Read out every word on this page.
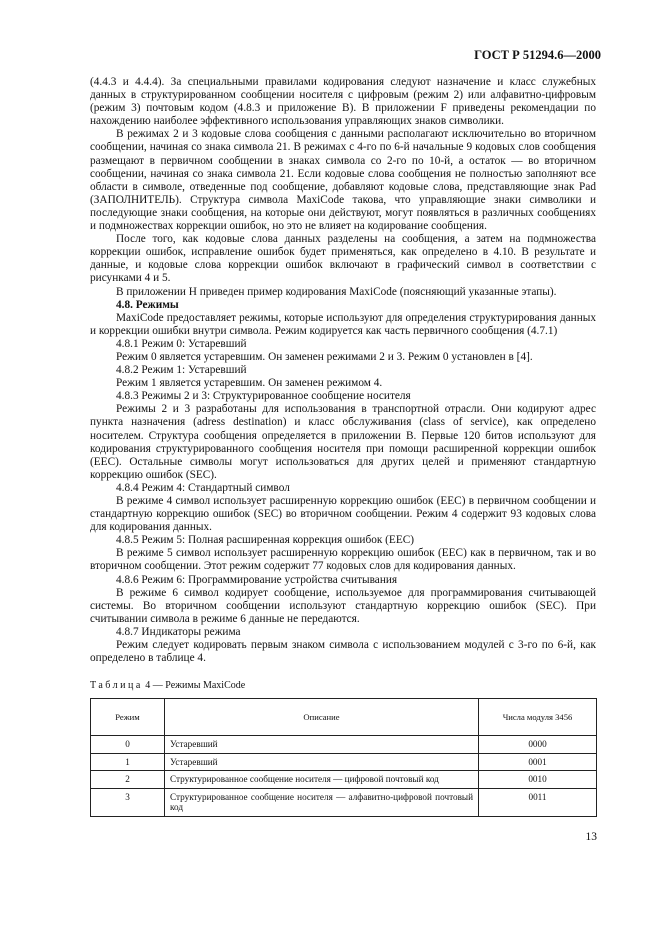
ГОСТ Р 51294.6—2000

(4.4.3 и 4.4.4). За специальными правилами кодирования следуют назначение и класс служебных данных в структурированном сообщении носителя с цифровым (режим 2) или алфавитно-цифровым (режим 3) почтовым кодом (4.8.3 и приложение В). В приложении F приведены рекомендации по нахождению наиболее эффективного использования управляющих знаков символики.

В режимах 2 и 3 кодовые слова сообщения с данными располагают исключительно во вторичном сообщении, начиная со знака символа 21. В режимах с 4-го по 6-й начальные 9 кодовых слов сообщения размещают в первичном сообщении в знаках символа со 2-го по 10-й, а остаток — во вторичном сообщении, начиная со знака символа 21. Если кодовые слова сообщения не полностью заполняют все области в символе, отведенные под сообщение, добавляют кодовые слова, представляющие знак Pad (ЗАПОЛНИТЕЛЬ). Структура символа MaxiCode такова, что управляющие знаки символики и последующие знаки сообщения, на которые они действуют, могут появляться в различных сообщениях и подмножествах коррекции ошибок, но это не влияет на кодирование сообщения.

После того, как кодовые слова данных разделены на сообщения, а затем на подмножества коррекции ошибок, исправление ошибок будет применяться, как определено в 4.10. В результате и данные, и кодовые слова коррекции ошибок включают в графический символ в соответствии с рисунками 4 и 5.

В приложении H приведен пример кодирования MaxiCode (поясняющий указанные этапы).

4.8. Режимы

MaxiCode предоставляет режимы, которые используют для определения структурирования данных и коррекции ошибки внутри символа. Режим кодируется как часть первичного сообщения (4.7.1)

4.8.1 Режим 0: Устаревший

Режим 0 является устаревшим. Он заменен режимами 2 и 3. Режим 0 установлен в [4].

4.8.2 Режим 1: Устаревший

Режим 1 является устаревшим. Он заменен режимом 4.

4.8.3 Режимы 2 и 3: Структурированное сообщение носителя

Режимы 2 и 3 разработаны для использования в транспортной отрасли. Они кодируют адрес пункта назначения (adress destination) и класс обслуживания (class of service), как определено носителем. Структура сообщения определяется в приложении В. Первые 120 битов используют для кодирования структурированного сообщения носителя при помощи расширенной коррекции ошибок (EEC). Остальные символы могут использоваться для других целей и применяют стандартную коррекцию ошибок (SEC).

4.8.4 Режим 4: Стандартный символ

В режиме 4 символ использует расширенную коррекцию ошибок (EEC) в первичном сообщении и стандартную коррекцию ошибок (SEC) во вторичном сообщении. Режим 4 содержит 93 кодовых слова для кодирования данных.

4.8.5 Режим 5: Полная расширенная коррекция ошибок (EEC)

В режиме 5 символ использует расширенную коррекцию ошибок (EEC) как в первичном, так и во вторичном сообщении. Этот режим содержит 77 кодовых слов для кодирования данных.

4.8.6 Режим 6: Программирование устройства считывания

В режиме 6 символ кодирует сообщение, используемое для программирования считывающей системы. Во вторичном сообщении используют стандартную коррекцию ошибок (SEC). При считывании символа в режиме 6 данные не передаются.

4.8.7 Индикаторы режима

Режим следует кодировать первым знаком символа с использованием модулей с 3-го по 6-й, как определено в таблице 4.

Таблица 4 — Режимы MaxiCode
Режим	Описание	Числа модуля 3456
0	Устаревший	0000
1	Устаревший	0001
2	Структурированное сообщение носителя — цифровой почтовый код	0010
3	Структурированное сообщение носителя — алфавитно-цифровой почтовый код	0011
13
